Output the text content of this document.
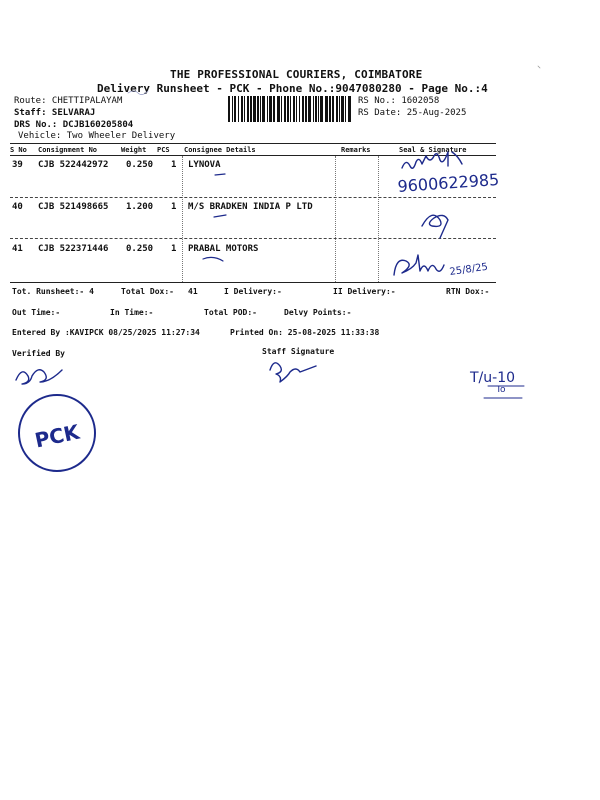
THE PROFESSIONAL COURIERS, COIMBATORE
Delivery Runsheet - PCK - Phone No.:9047080280 - Page No.:4
Route: CHETTIPALAYAM
Staff: SELVARAJ
DRS No.: DCJB160205804
Vehicle: Two Wheeler Delivery
RS No.: 1602058
RS Date: 25-Aug-2025
S No Consignment No	Weight PCS Consignee Details	Remarks	Seal & Signature
39 CJB 522442972 0.250 1 LYNOVA
40 CJB 521498665 1.200 1 M/S BRADKEN INDIA P LTD
41 CJB 522371446 0.250 1 PRABAL MOTORS
Tot. Runsheet:- 4	Total Dox:- 41	I Delivery:-	II Delivery:-	RTN Dox:-
Out Time:-	In Time:-	Total POD:-	Delvy Points:-
Entered By :KAVIPCK 08/25/2025 11:27:34	Printed On: 25-08-2025 11:33:38
Verified By	Staff Signature
9600622985
25/8/25
T/u-10
To
PCK
